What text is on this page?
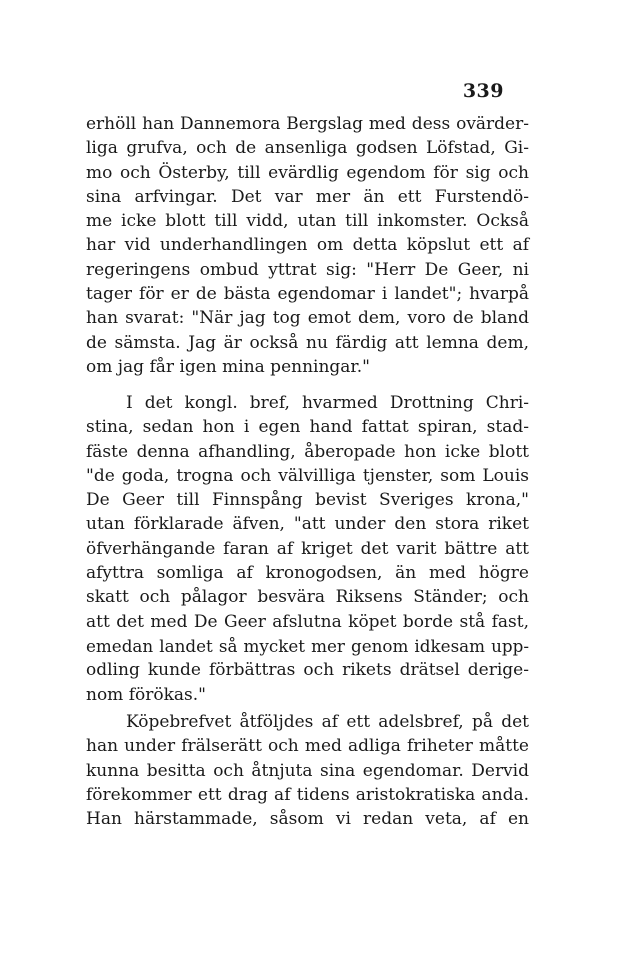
339
erhöll han Dannemora Bergslag med dess ovärder-
liga grufva, och de ansenliga godsen Löfstad, Gi-
mo och Österby, till evärdlig egendom för sig och
sina arfvingar. Det var mer än ett Furstendö-
me icke blott till vidd, utan till inkomster. Också
har vid underhandlingen om detta köpslut ett af
regeringens ombud yttrat sig: "Herr De Geer, ni
tager för er de bästa egendomar i landet"; hvarpå
han svarat: "När jag tog emot dem, voro de bland
de sämsta. Jag är också nu färdig att lemna dem,
om jag får igen mina penningar."
I det kongl. bref, hvarmed Drottning Chri-
stina, sedan hon i egen hand fattat spiran, stad-
fäste denna afhandling, åberopade hon icke blott
"de goda, trogna och välvilliga tjenster, som Louis
De Geer till Finnspång bevist Sveriges krona,"
utan förklarade äfven, "att under den stora riket
öfverhängande faran af kriget det varit bättre att
afyttra somliga af kronogodsen, än med högre
skatt och pålagor besvära Riksens Ständer; och
att det med De Geer afslutna köpet borde stå fast,
emedan landet så mycket mer genom idkesam upp-
odling kunde förbättras och rikets drätsel derige-
nom förökas."
Köpebrefvet åtföljdes af ett adelsbref, på det
han under frälserätt och med adliga friheter måtte
kunna besitta och åtnjuta sina egendomar. Dervid
förekommer ett drag af tidens aristokratiska anda.
Han härstammade, såsom vi redan veta, af en
